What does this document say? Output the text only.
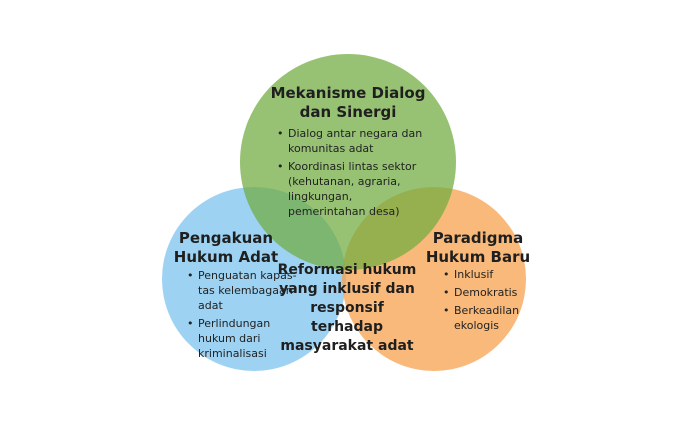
Mekanisme Dialog
dan Sinergi
• Dialog antar negara dan
komunitas adat
• Koordinasi lintas sektor
(kehutanan, agraria,
lingkungan,
pemerintahan desa)
Pengakuan
Hukum Adat
• Penguatan kapas-
tas kelembagaan
adat
• Perlindungan
hukum dari
kriminalisasi
Paradigma
Hukum Baru
• Inklusif
• Demokratis
• Berkeadilan
ekologis
Reformasi hukum
yang inklusif dan
responsif terhadap
masyarakat adat
